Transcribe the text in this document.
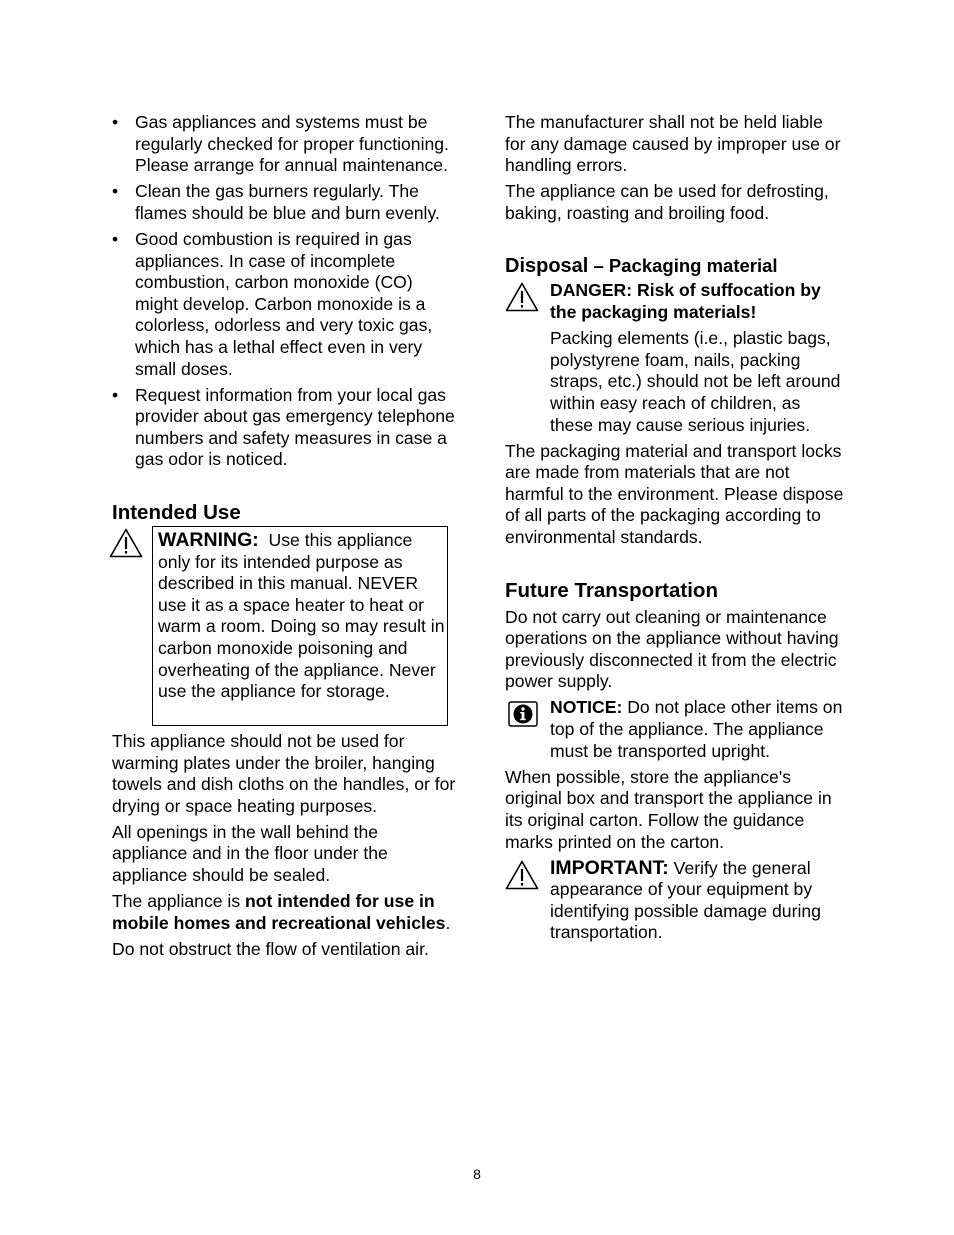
• Gas appliances and systems must be regularly checked for proper functioning. Please arrange for annual maintenance.
• Clean the gas burners regularly. The flames should be blue and burn evenly.
• Good combustion is required in gas appliances. In case of incomplete combustion, carbon monoxide (CO) might develop. Carbon monoxide is a colorless, odorless and very toxic gas, which has a lethal effect even in very small doses.
• Request information from your local gas provider about gas emergency telephone numbers and safety measures in case a gas odor is noticed.
Intended Use
WARNING: Use this appliance only for its intended purpose as described in this manual. NEVER use it as a space heater to heat or warm a room. Doing so may result in carbon monoxide poisoning and overheating of the appliance. Never use the appliance for storage.

This appliance should not be used for warming plates under the broiler, hanging towels and dish cloths on the handles, or for drying or space heating purposes.

All openings in the wall behind the appliance and in the floor under the appliance should be sealed.

The appliance is not intended for use in mobile homes and recreational vehicles.

Do not obstruct the flow of ventilation air.

The manufacturer shall not be held liable for any damage caused by improper use or handling errors.

The appliance can be used for defrosting, baking, roasting and broiling food.

Disposal – Packaging material

DANGER: Risk of suffocation by the packaging materials!

Packing elements (i.e., plastic bags, polystyrene foam, nails, packing straps, etc.) should not be left around within easy reach of children, as these may cause serious injuries.

The packaging material and transport locks are made from materials that are not harmful to the environment. Please dispose of all parts of the packaging according to environmental standards.

Future Transportation

Do not carry out cleaning or maintenance operations on the appliance without having previously disconnected it from the electric power supply.

NOTICE: Do not place other items on top of the appliance. The appliance must be transported upright.

When possible, store the appliance's original box and transport the appliance in its original carton. Follow the guidance marks printed on the carton.

IMPORTANT: Verify the general appearance of your equipment by identifying possible damage during transportation.

8
